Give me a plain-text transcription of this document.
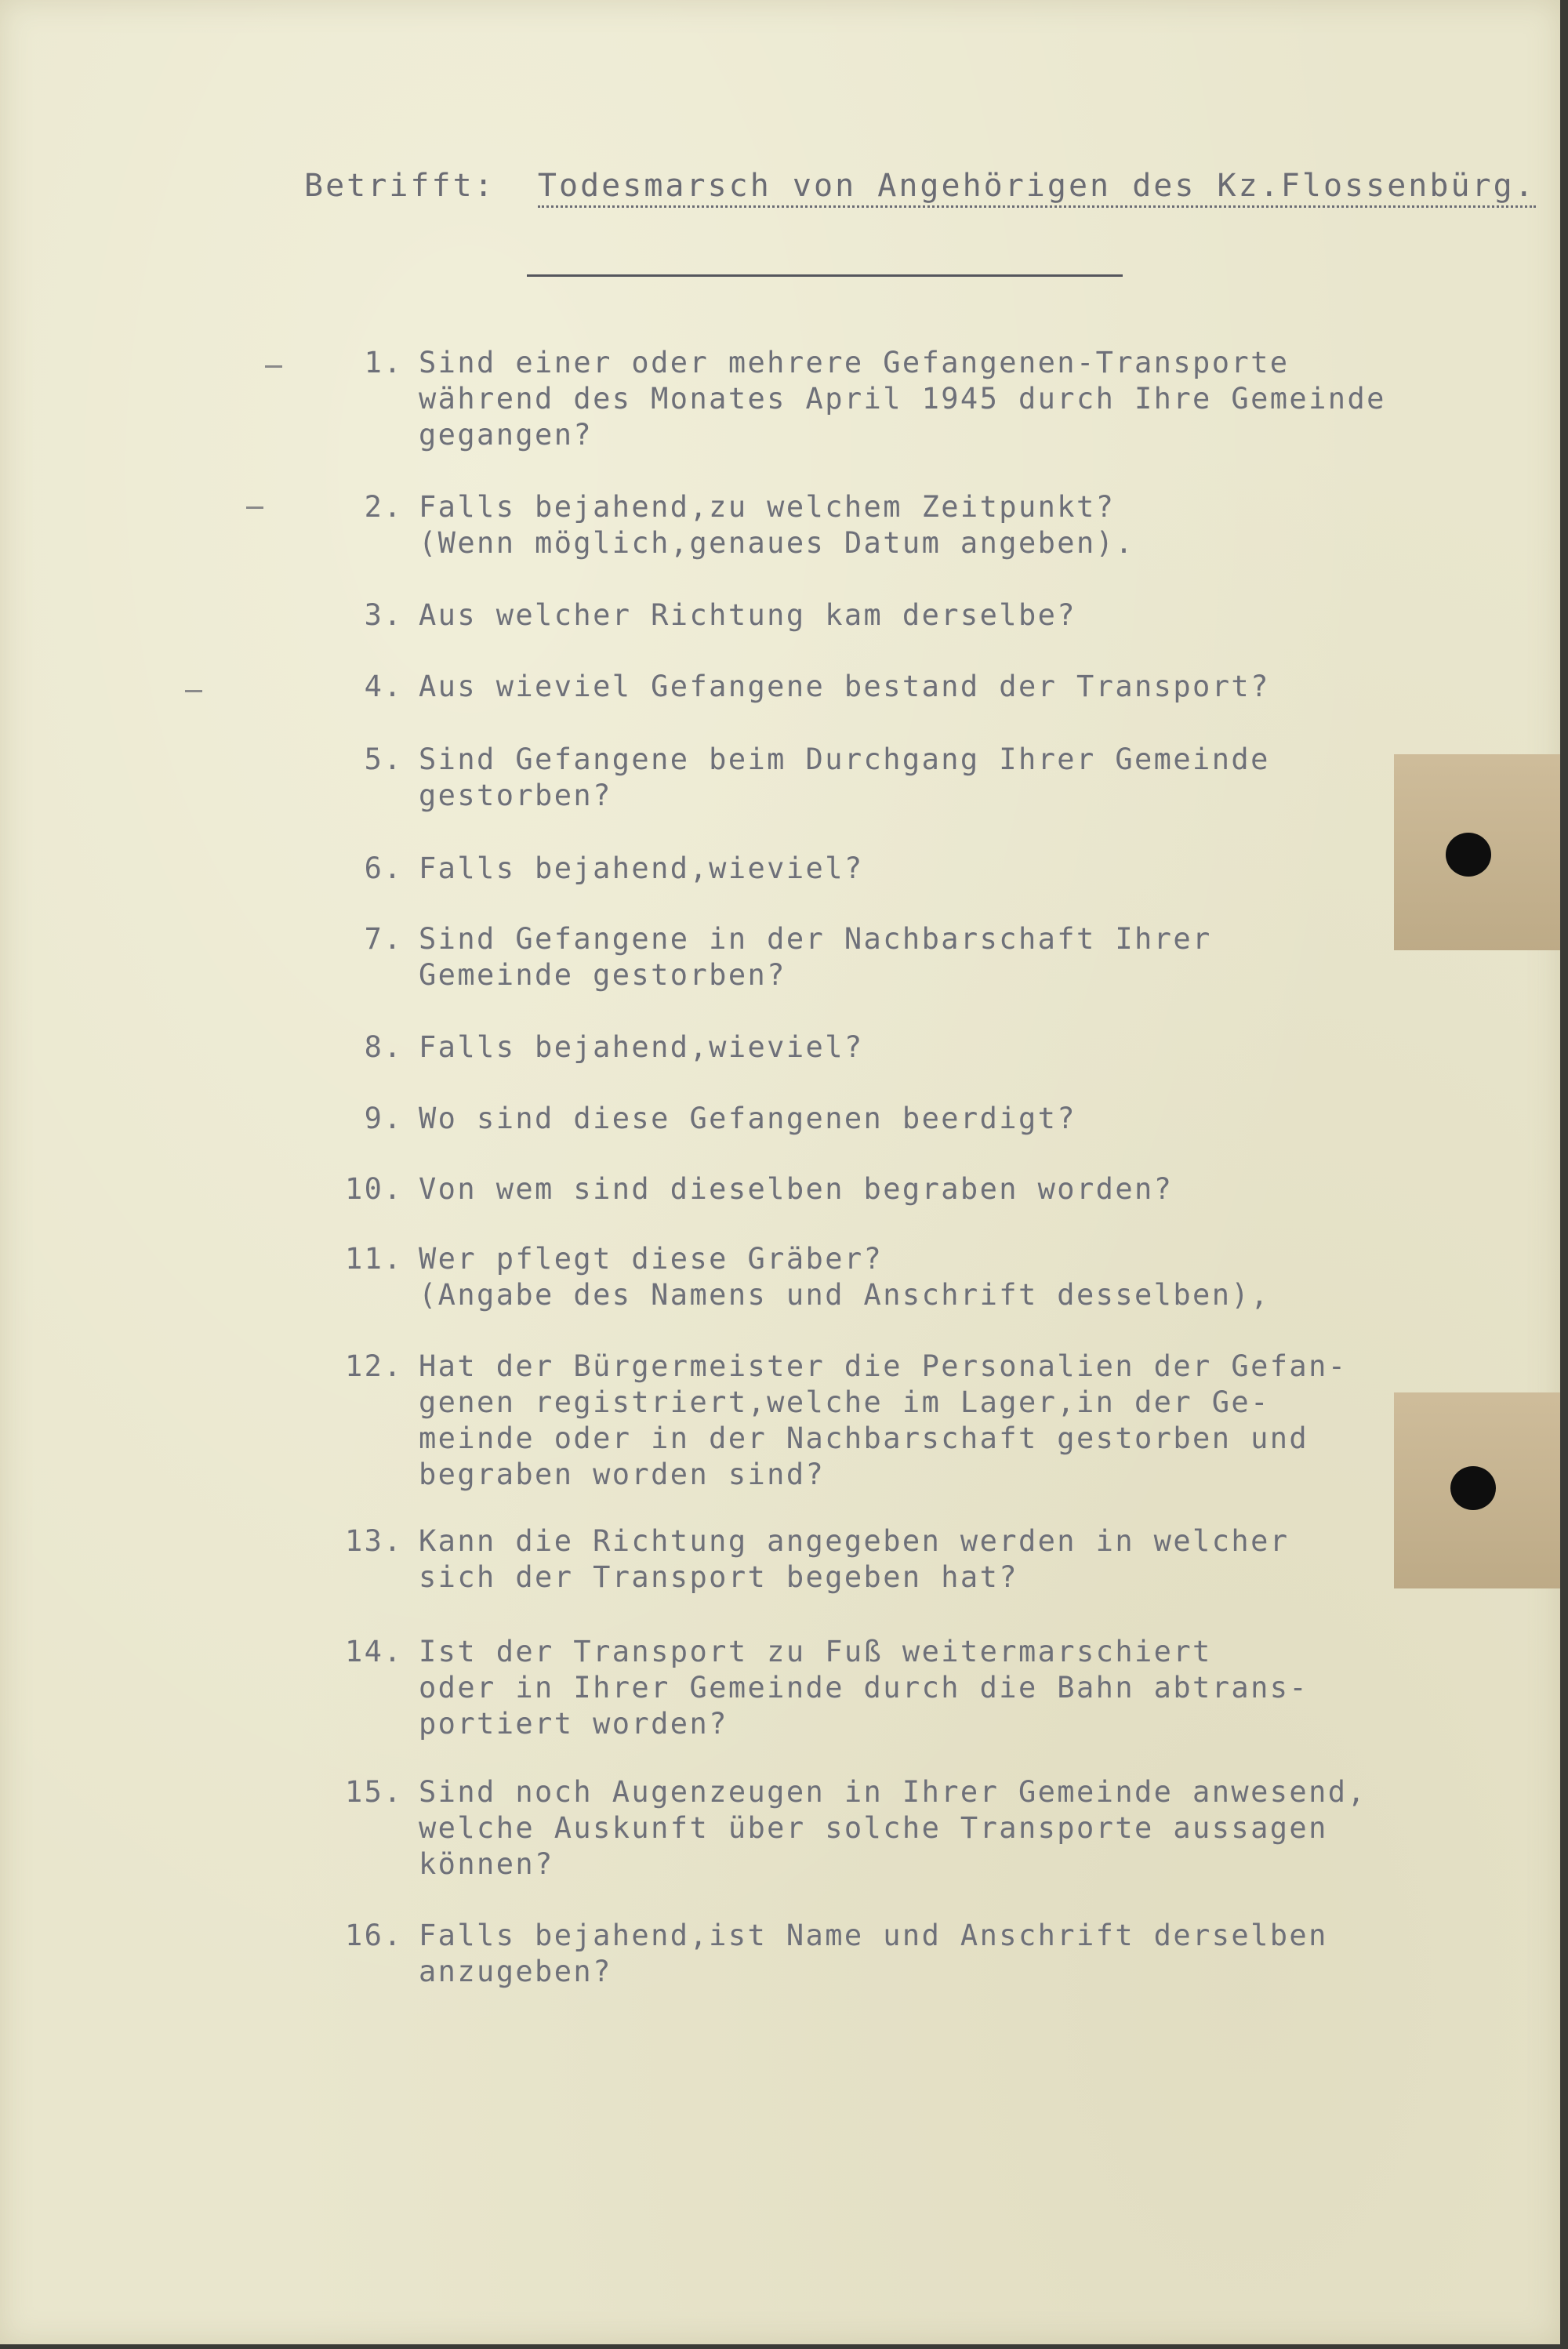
Betrifft: Todesmarsch von Angehörigen des Kz.Flossenbürg.
1. Sind einer oder mehrere Gefangenen-Transporte
während des Monates April 1945 durch Ihre Gemeinde
gegangen?
2. Falls bejahend,zu welchem Zeitpunkt?
(Wenn möglich,genaues Datum angeben).
3. Aus welcher Richtung kam derselbe?
4. Aus wieviel Gefangene bestand der Transport?
5. Sind Gefangene beim Durchgang Ihrer Gemeinde
gestorben?
6. Falls bejahend,wieviel?
7. Sind Gefangene in der Nachbarschaft Ihrer
Gemeinde gestorben?
8. Falls bejahend,wieviel?
9. Wo sind diese Gefangenen beerdigt?
10. Von wem sind dieselben begraben worden?
11. Wer pflegt diese Gräber?
(Angabe des Namens und Anschrift desselben),
12. Hat der Bürgermeister die Personalien der Gefan-
genen registriert,welche im Lager,in der Ge-
meinde oder in der Nachbarschaft gestorben und
begraben worden sind?
13. Kann die Richtung angegeben werden in welcher
sich der Transport begeben hat?
14. Ist der Transport zu Fuß weitermarschiert
oder in Ihrer Gemeinde durch die Bahn abtrans-
portiert worden?
15. Sind noch Augenzeugen in Ihrer Gemeinde anwesend,
welche Auskunft über solche Transporte aussagen
können?
16. Falls bejahend,ist Name und Anschrift derselben
anzugeben?
